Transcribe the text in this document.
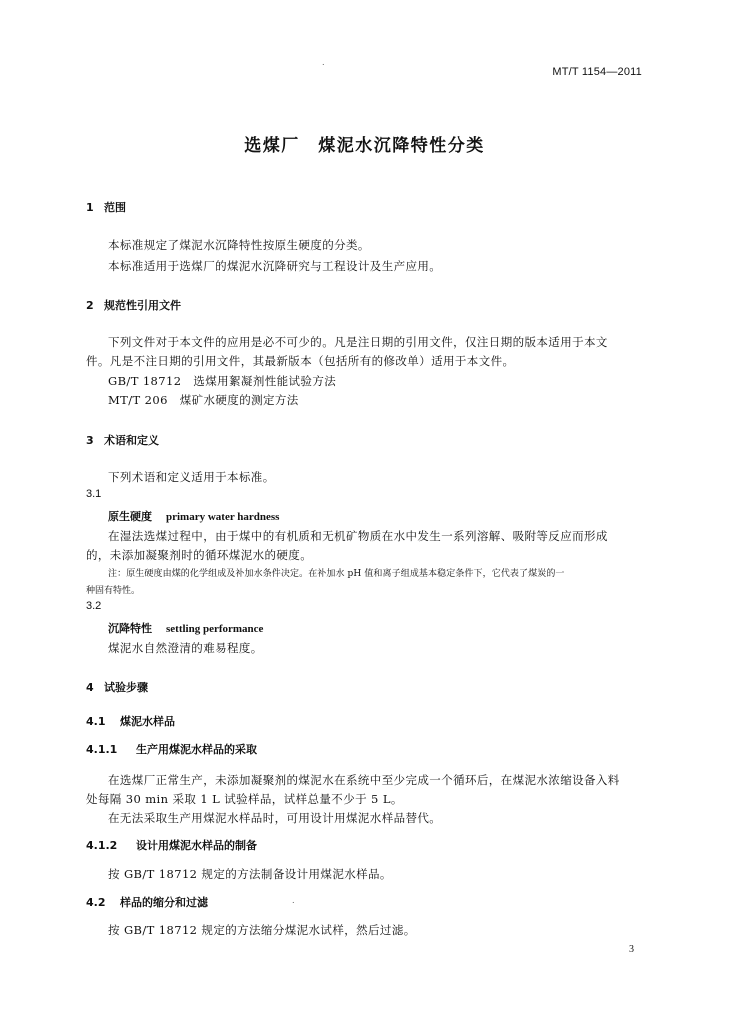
.
MT/T 1154—2011
选煤厂　煤泥水沉降特性分类
1 范围
本标准规定了煤泥水沉降特性按原生硬度的分类。
本标准适用于选煤厂的煤泥水沉降研究与工程设计及生产应用。
2 规范性引用文件
下列文件对于本文件的应用是必不可少的。凡是注日期的引用文件，仅注日期的版本适用于本文
件。凡是不注日期的引用文件，其最新版本（包括所有的修改单）适用于本文件。
GB/T 18712　选煤用絮凝剂性能试验方法
MT/T 206　煤矿水硬度的测定方法
3 术语和定义
下列术语和定义适用于本标准。
3.1
原生硬度 primary water hardness
在湿法选煤过程中，由于煤中的有机质和无机矿物质在水中发生一系列溶解、吸附等反应而形成
的，未添加凝聚剂时的循环煤泥水的硬度。
注：原生硬度由煤的化学组成及补加水条件决定。在补加水 pH 值和离子组成基本稳定条件下，它代表了煤炭的一
种固有特性。
3.2
沉降特性 settling performance
煤泥水自然澄清的难易程度。
4 试验步骤
4.1 煤泥水样品
4.1.1 生产用煤泥水样品的采取
在选煤厂正常生产，未添加凝聚剂的煤泥水在系统中至少完成一个循环后，在煤泥水浓缩设备入料
处每隔 30 min 采取 1 L 试验样品，试样总量不少于 5 L。
在无法采取生产用煤泥水样品时，可用设计用煤泥水样品替代。
4.1.2 设计用煤泥水样品的制备
按 GB/T 18712 规定的方法制备设计用煤泥水样品。
4.2 样品的缩分和过滤	.
按 GB/T 18712 规定的方法缩分煤泥水试样，然后过滤。
3
